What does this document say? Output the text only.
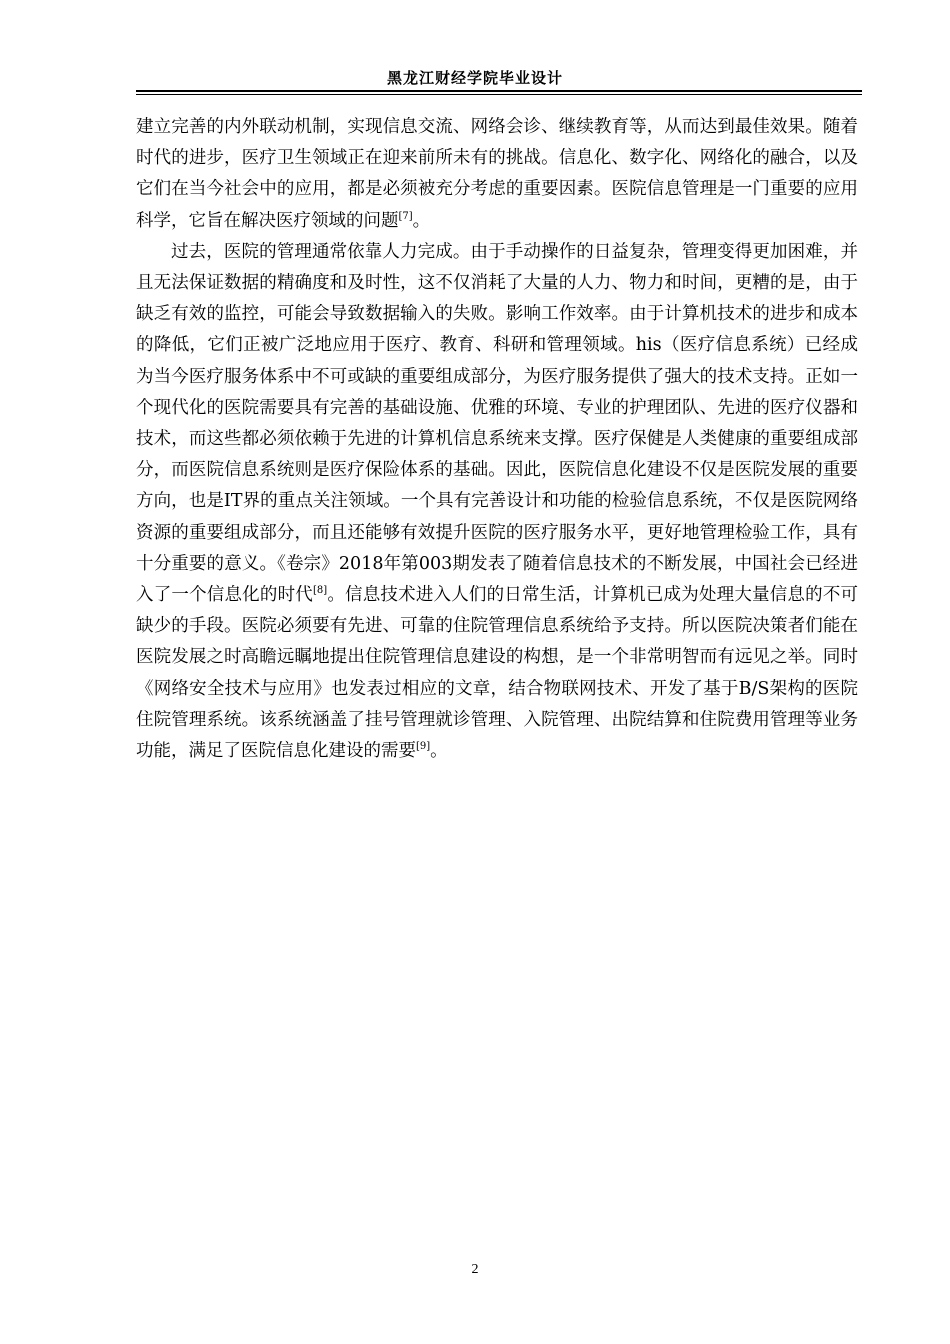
黑龙江财经学院毕业设计

建立完善的内外联动机制，实现信息交流、网络会诊、继续教育等，从而达到最佳效果。随着时代的进步，医疗卫生领域正在迎来前所未有的挑战。信息化、数字化、网络化的融合，以及它们在当今社会中的应用，都是必须被充分考虑的重要因素。医院信息管理是一门重要的应用科学，它旨在解决医疗领域的问题[7]。

过去，医院的管理通常依靠人力完成。由于手动操作的日益复杂，管理变得更加困难，并且无法保证数据的精确度和及时性，这不仅消耗了大量的人力、物力和时间，更糟的是，由于缺乏有效的监控，可能会导致数据输入的失败。影响工作效率。由于计算机技术的进步和成本的降低，它们正被广泛地应用于医疗、教育、科研和管理领域。his（医疗信息系统）已经成为当今医疗服务体系中不可或缺的重要组成部分，为医疗服务提供了强大的技术支持。正如一个现代化的医院需要具有完善的基础设施、优雅的环境、专业的护理团队、先进的医疗仪器和技术，而这些都必须依赖于先进的计算机信息系统来支撑。医疗保健是人类健康的重要组成部分，而医院信息系统则是医疗保险体系的基础。因此，医院信息化建设不仅是医院发展的重要方向，也是IT界的重点关注领域。一个具有完善设计和功能的检验信息系统，不仅是医院网络资源的重要组成部分，而且还能够有效提升医院的医疗服务水平，更好地管理检验工作，具有十分重要的意义。《卷宗》2018年第003期发表了随着信息技术的不断发展，中国社会已经进入了一个信息化的时代[8]。信息技术进入人们的日常生活，计算机已成为处理大量信息的不可缺少的手段。医院必须要有先进、可靠的住院管理信息系统给予支持。所以医院决策者们能在医院发展之时高瞻远瞩地提出住院管理信息建设的构想，是一个非常明智而有远见之举。同时《网络安全技术与应用》也发表过相应的文章，结合物联网技术、开发了基于B/S架构的医院住院管理系统。该系统涵盖了挂号管理就诊管理、入院管理、出院结算和住院费用管理等业务功能，满足了医院信息化建设的需要[9]。

2
